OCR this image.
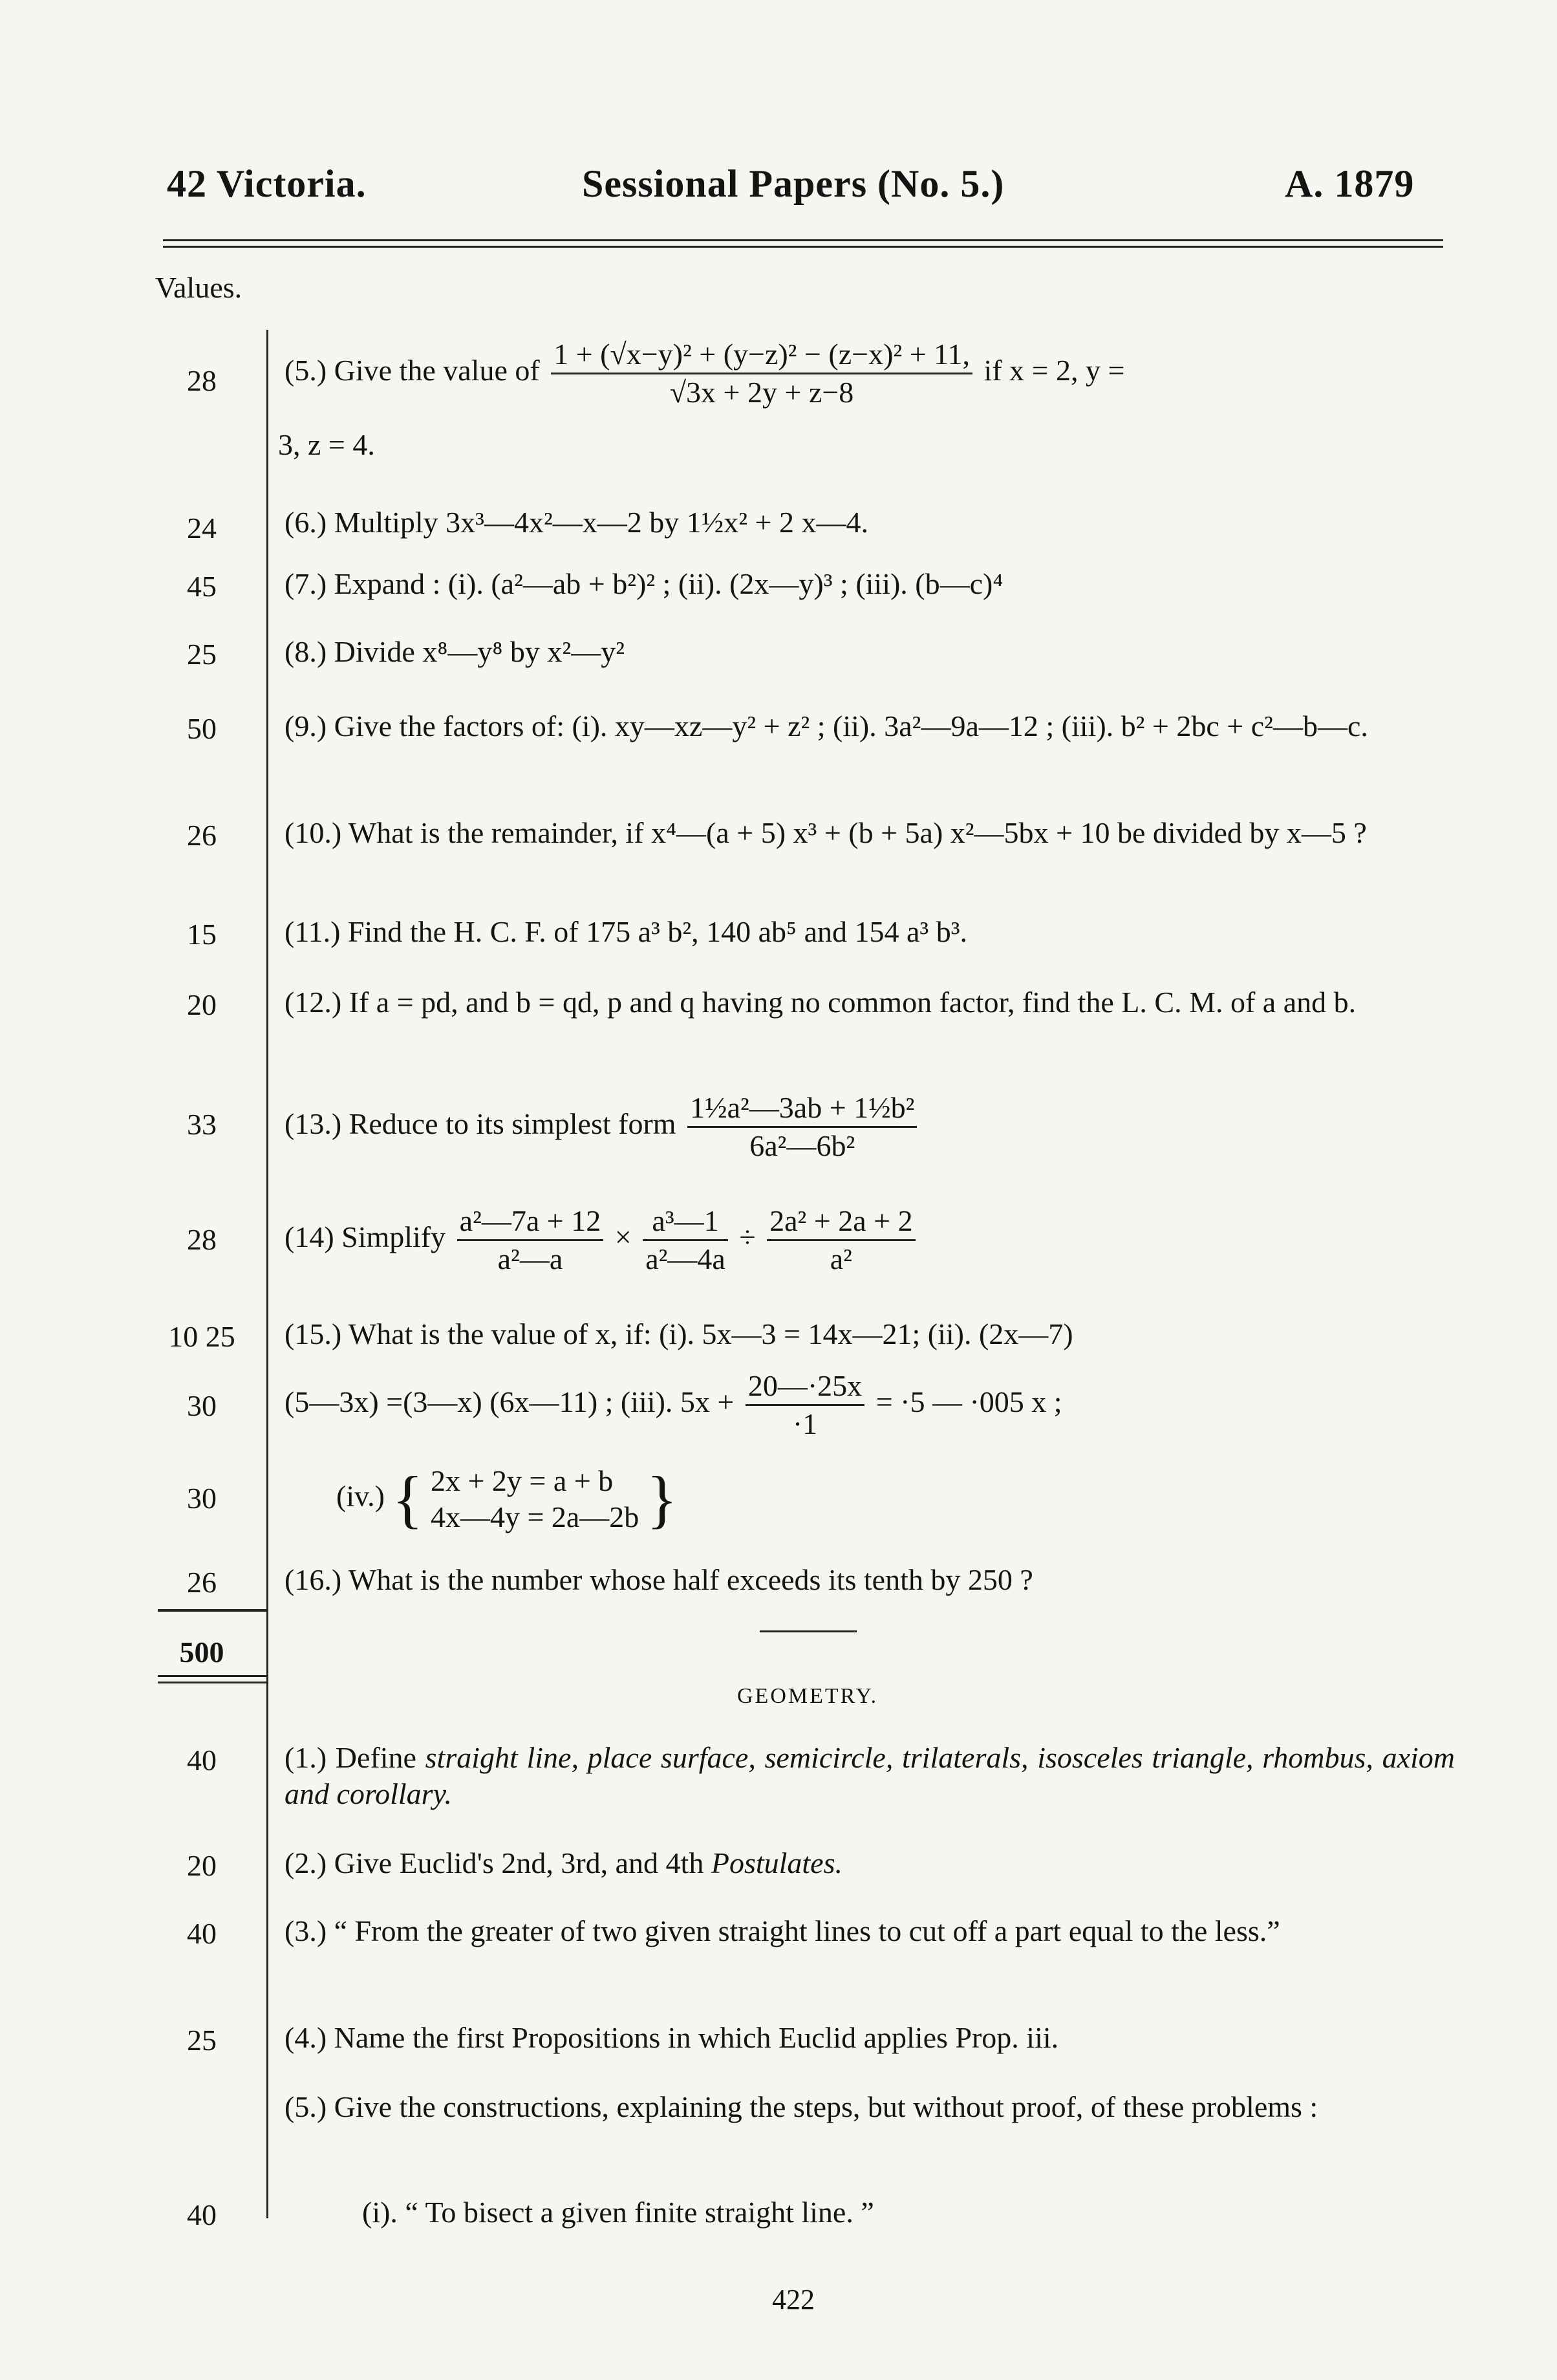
42 Victoria.	Sessional Papers (No. 5.)	A. 1879
Values.
28
24
45
25
50
26
15
20
33
28
10 25
30
30
26
500
40
20
40
25
40
(5.) Give the value of $\frac{\text{1 + (√x−y)² + (y−z)² − (z−x)² + 11,}}{√3x + 2y + z-8}$ if x = 2, y =
3, z = 4.
(6.) Multiply 3x³—4x²—x—2 by 1½x² + 2 x—4.
(7.) Expand : (i). (a²—ab + b²)² ; (ii). (2x—y)³ ; (iii). (b—c)⁴
(8.) Divide x⁸—y⁸ by x²—y²
(9.) Give the factors of: (i). xy—xz—y² + z² ; (ii). 3a²—9a—12 ; (iii). b² + 2bc + c²—b—c.
(10.) What is the remainder, if x⁴—(a + 5) x³ + (b + 5a) x²—5bx + 10 be divided by x—5 ?
(11.) Find the H. C. F. of 175 a³ b², 140 ab⁵ and 154 a³ b³.
(12.) If a = pd, and b = qd, p and q having no common factor, find the L. C. M. of a and b.
(13.) Reduce to its simplest form $\frac{\text{1½a²—3ab + 1½b²}}{\text{6a²—6b²}}$
(14) Simplify $\frac{\text{a²—7a + 12}}{\text{a²—a}} \times \frac{\text{a³—1}}{\text{a²—4a}} \div \frac{\text{2a² + 2a + 2}}{\text{a²}}$
(15.) What is the value of x, if: (i). 5x—3 = 14x—21; (ii). (2x—7)
(5—3x) =(3—x) (6x—11) ; (iii). $5x + \frac{20—\cdot 25x}{\cdot 1} = \cdot 5$ — ·005 x ;
(iv.) { 2x + 2y = a + b
4x—4y = 2a—2b }
(16.) What is the number whose half exceeds its tenth by 250 ?
GEOMETRY.
(1.) Define straight line, place surface, semicircle, trilaterals, isosceles triangle, rhombus, axiom and corollary.
(2.) Give Euclid's 2nd, 3rd, and 4th Postulates.
(3.) “ From the greater of two given straight lines to cut off a part equal to the less.”
(4.) Name the first Propositions in which Euclid applies Prop. iii.
(5.) Give the constructions, explaining the steps, but without proof, of these problems :
(i). “ To bisect a given finite straight line. ”
422
